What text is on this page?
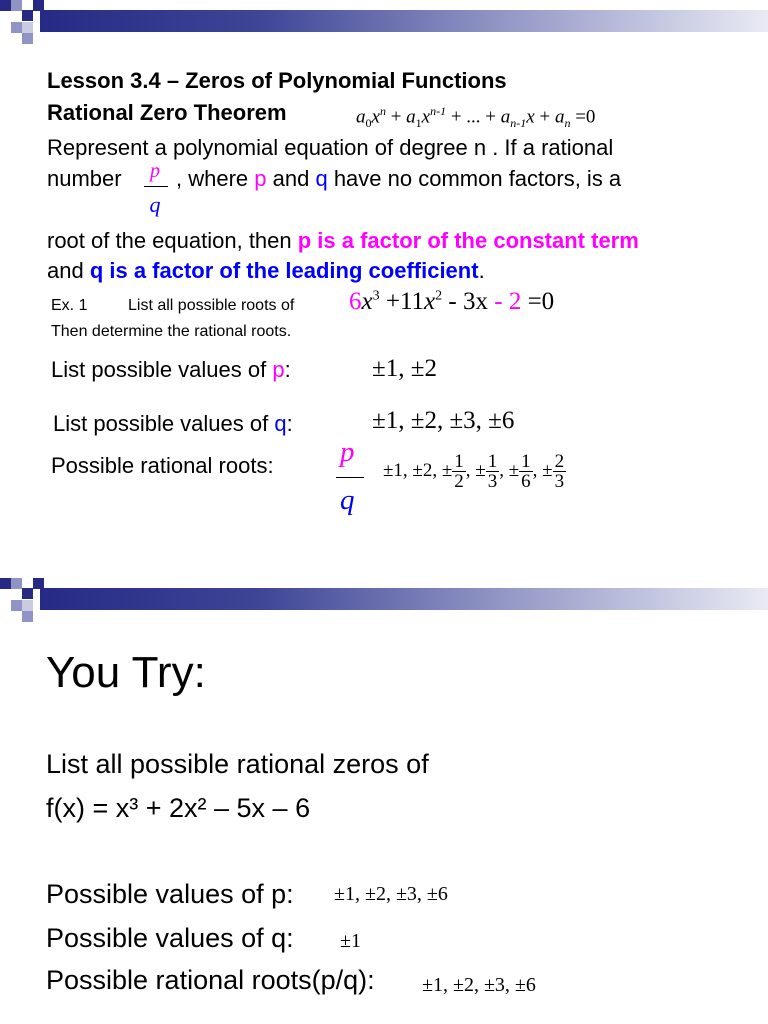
Lesson 3.4 – Zeros of Polynomial Functions
Rational Zero Theorem	$a_0x^n + a_1x^{n-1}$ + ... + $a_{n-1}x + a_n =0$
Represent a polynomial equation of degree n . If a rational
number	p
q
, where p and q have no common factors, is a
root of the equation, then p is a factor of the constant term
and q is a factor of the leading coefficient.
Ex. 1	List all possible roots of
Then determine the rational roots.
$6x^3 +11x^2 - 3x - 2 =0$
List possible values of p:	±1, ±2
List possible values of q:	±1, ±2, ±3, ±6
Possible rational roots: p
q
±1, ±2, ± $\frac{1}{2}$ , ± $\frac{1}{3}$ , ± $\frac{1}{6}$ , ± $\frac{2}{3}$
You Try:
List all possible rational zeros of
f(x) = x³ + 2x² – 5x – 6
Possible values of p: ±1, ±2, ±3, ±6
Possible values of q: ±1
Possible rational roots(p/q): ±1, ±2, ±3, ±6
